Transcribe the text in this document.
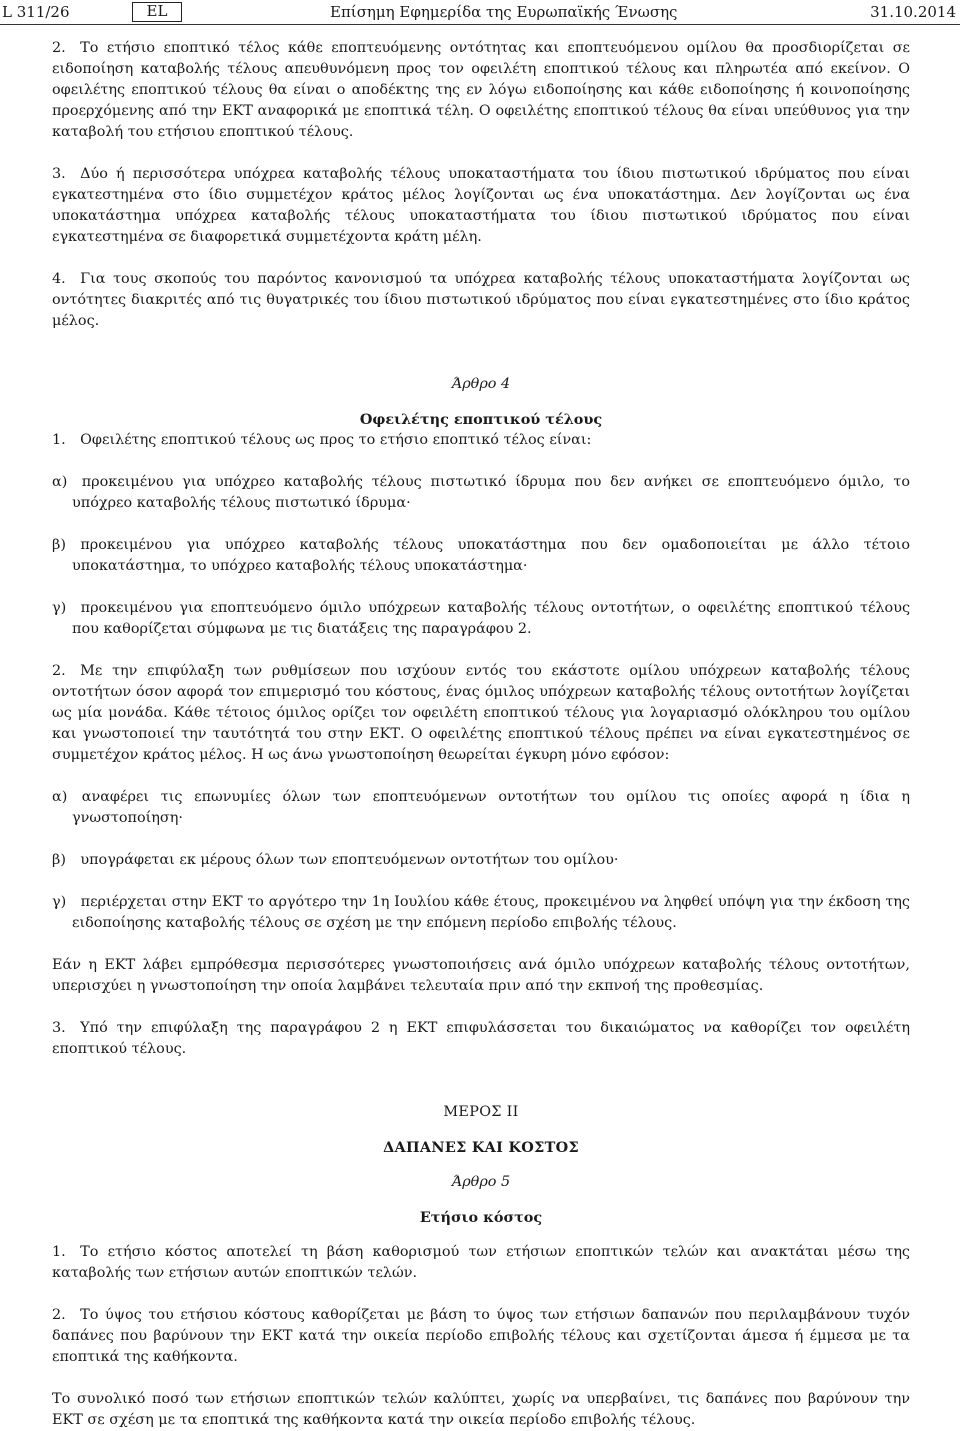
L 311/26	EL	Επίσημη Εφημερίδα της Ευρωπαϊκής Ένωσης	31.10.2014

2. Το ετήσιο εποπτικό τέλος κάθε εποπτευόμενης οντότητας και εποπτευόμενου ομίλου θα προσδιορίζεται σε ειδοποίηση καταβολής τέλους απευθυνόμενη προς τον οφειλέτη εποπτικού τέλους και πληρωτέα από εκείνον. Ο οφειλέτης εποπτικού τέλους θα είναι ο αποδέκτης της εν λόγω ειδοποίησης και κάθε ειδοποίησης ή κοινοποίησης προερχόμενης από την ΕΚΤ αναφορικά με εποπτικά τέλη. Ο οφειλέτης εποπτικού τέλους θα είναι υπεύθυνος για την καταβολή του ετήσιου εποπτικού τέλους.

3. Δύο ή περισσότερα υπόχρεα καταβολής τέλους υποκαταστήματα του ίδιου πιστωτικού ιδρύματος που είναι εγκατεστημένα στο ίδιο συμμετέχον κράτος μέλος λογίζονται ως ένα υποκατάστημα. Δεν λογίζονται ως ένα υποκατάστημα υπόχρεα καταβολής τέλους υποκαταστήματα του ίδιου πιστωτικού ιδρύματος που είναι εγκατεστημένα σε διαφορετικά συμμετέχοντα κράτη μέλη.

4. Για τους σκοπούς του παρόντος κανονισμού τα υπόχρεα καταβολής τέλους υποκαταστήματα λογίζονται ως οντότητες διακριτές από τις θυγατρικές του ίδιου πιστωτικού ιδρύματος που είναι εγκατεστημένες στο ίδιο κράτος μέλος.

Άρθρο 4

Οφειλέτης εποπτικού τέλους

1. Οφειλέτης εποπτικού τέλους ως προς το ετήσιο εποπτικό τέλος είναι:

α) προκειμένου για υπόχρεο καταβολής τέλους πιστωτικό ίδρυμα που δεν ανήκει σε εποπτευόμενο όμιλο, το υπόχρεο καταβολής τέλους πιστωτικό ίδρυμα·

β) προκειμένου για υπόχρεο καταβολής τέλους υποκατάστημα που δεν ομαδοποιείται με άλλο τέτοιο υποκατάστημα, το υπόχρεο καταβολής τέλους υποκατάστημα·

γ) προκειμένου για εποπτευόμενο όμιλο υπόχρεων καταβολής τέλους οντοτήτων, ο οφειλέτης εποπτικού τέλους που καθορίζεται σύμφωνα με τις διατάξεις της παραγράφου 2.

2. Με την επιφύλαξη των ρυθμίσεων που ισχύουν εντός του εκάστοτε ομίλου υπόχρεων καταβολής τέλους οντοτήτων όσον αφορά τον επιμερισμό του κόστους, ένας όμιλος υπόχρεων καταβολής τέλους οντοτήτων λογίζεται ως μία μονάδα. Κάθε τέτοιος όμιλος ορίζει τον οφειλέτη εποπτικού τέλους για λογαριασμό ολόκληρου του ομίλου και γνωστοποιεί την ταυτότητά του στην ΕΚΤ. Ο οφειλέτης εποπτικού τέλους πρέπει να είναι εγκατεστημένος σε συμμετέχον κράτος μέλος. Η ως άνω γνωστοποίηση θεωρείται έγκυρη μόνο εφόσον:

α) αναφέρει τις επωνυμίες όλων των εποπτευόμενων οντοτήτων του ομίλου τις οποίες αφορά η ίδια η γνωστοποίηση·

β) υπογράφεται εκ μέρους όλων των εποπτευόμενων οντοτήτων του ομίλου·

γ) περιέρχεται στην ΕΚΤ το αργότερο την 1η Ιουλίου κάθε έτους, προκειμένου να ληφθεί υπόψη για την έκδοση της ειδοποίησης καταβολής τέλους σε σχέση με την επόμενη περίοδο επιβολής τέλους.

Εάν η ΕΚΤ λάβει εμπρόθεσμα περισσότερες γνωστοποιήσεις ανά όμιλο υπόχρεων καταβολής τέλους οντοτήτων, υπερισχύει η γνωστοποίηση την οποία λαμβάνει τελευταία πριν από την εκπνοή της προθεσμίας.

3. Υπό την επιφύλαξη της παραγράφου 2 η ΕΚΤ επιφυλάσσεται του δικαιώματος να καθορίζει τον οφειλέτη εποπτικού τέλους.

ΜΕΡΟΣ ΙΙ

ΔΑΠΑΝΕΣ ΚΑΙ ΚΟΣΤΟΣ

Άρθρο 5

Ετήσιο κόστος

1. Το ετήσιο κόστος αποτελεί τη βάση καθορισμού των ετήσιων εποπτικών τελών και ανακτάται μέσω της καταβολής των ετήσιων αυτών εποπτικών τελών.

2. Το ύψος του ετήσιου κόστους καθορίζεται με βάση το ύψος των ετήσιων δαπανών που περιλαμβάνουν τυχόν δαπάνες που βαρύνουν την ΕΚΤ κατά την οικεία περίοδο επιβολής τέλους και σχετίζονται άμεσα ή έμμεσα με τα εποπτικά της καθήκοντα.

Το συνολικό ποσό των ετήσιων εποπτικών τελών καλύπτει, χωρίς να υπερβαίνει, τις δαπάνες που βαρύνουν την ΕΚΤ σε σχέση με τα εποπτικά της καθήκοντα κατά την οικεία περίοδο επιβολής τέλους.
